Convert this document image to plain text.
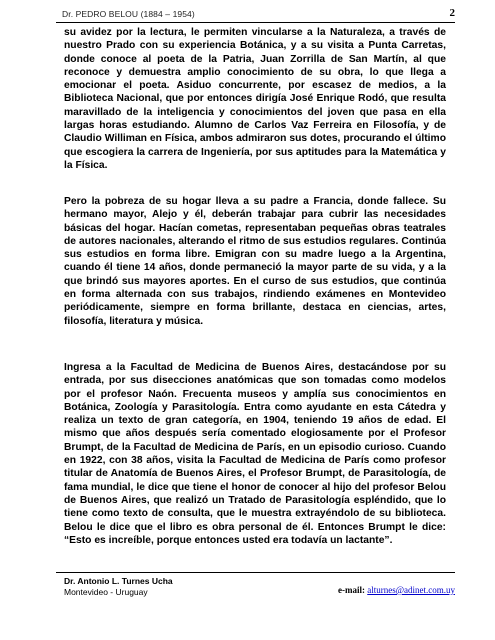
Dr. PEDRO BELOU (1884 – 1954)	2

su avidez por la lectura, le permiten vincularse a la Naturaleza, a través de nuestro Prado con su experiencia Botánica, y a su visita a Punta Carretas, donde conoce al poeta de la Patria, Juan Zorrilla de San Martín, al que reconoce y demuestra amplio conocimiento de su obra, lo que llega a emocionar el poeta. Asiduo concurrente, por escasez de medios, a la Biblioteca Nacional, que por entonces dirigía José Enrique Rodó, que resulta maravillado de la inteligencia y conocimientos del joven que pasa en ella largas horas estudiando. Alumno de Carlos Vaz Ferreira en Filosofía, y de Claudio Williman en Física, ambos admiraron sus dotes, procurando el último que escogiera la carrera de Ingeniería, por sus aptitudes para la Matemática y la Física.

Pero la pobreza de su hogar lleva a su padre a Francia, donde fallece. Su hermano mayor, Alejo y él, deberán trabajar para cubrir las necesidades básicas del hogar. Hacían cometas, representaban pequeñas obras teatrales de autores nacionales, alterando el ritmo de sus estudios regulares. Continúa sus estudios en forma libre. Emigran con su madre luego a la Argentina, cuando él tiene 14 años, donde permaneció la mayor parte de su vida, y a la que brindó sus mayores aportes. En el curso de sus estudios, que continúa en forma alternada con sus trabajos, rindiendo exámenes en Montevideo periódicamente, siempre en forma brillante, destaca en ciencias, artes, filosofía, literatura y música.

Ingresa a la Facultad de Medicina de Buenos Aires, destacándose por su entrada, por sus disecciones anatómicas que son tomadas como modelos por el profesor Naón. Frecuenta museos y amplía sus conocimientos en Botánica, Zoología y Parasitología. Entra como ayudante en esta Cátedra y realiza un texto de gran categoría, en 1904, teniendo 19 años de edad. El mismo que años después sería comentado elogiosamente por el Profesor Brumpt, de la Facultad de Medicina de París, en un episodio curioso. Cuando en 1922, con 38 años, visita la Facultad de Medicina de París como profesor titular de Anatomía de Buenos Aires, el Profesor Brumpt, de Parasitología, de fama mundial, le dice que tiene el honor de conocer al hijo del profesor Belou de Buenos Aires, que realizó un Tratado de Parasitología espléndido, que lo tiene como texto de consulta, que le muestra extrayéndolo de su biblioteca. Belou le dice que el libro es obra personal de él. Entonces Brumpt le dice: “Esto es increíble, porque entonces usted era todavía un lactante”.

Dr. Antonio L. Turnes Ucha
Montevideo - Uruguay	e-mail: alturnes@adinet.com.uy
